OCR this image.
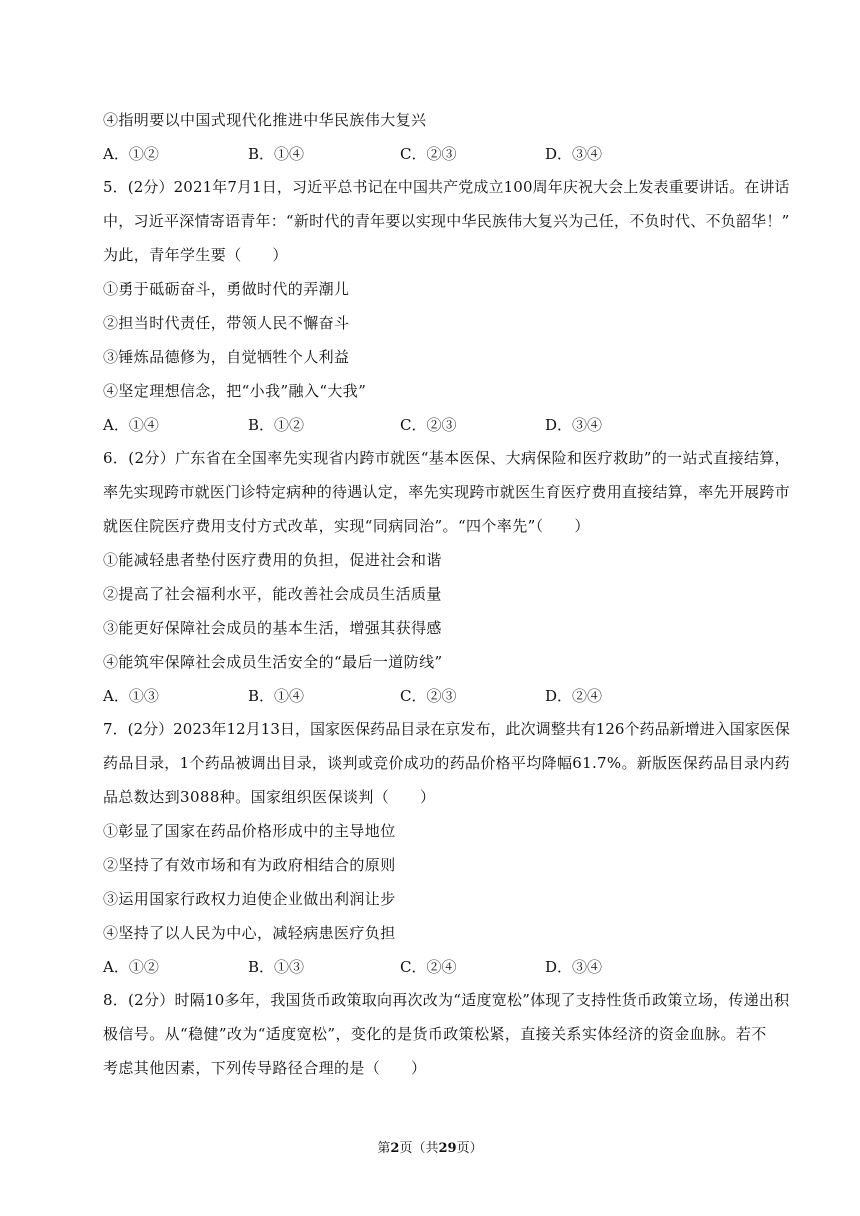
④指明要以中国式现代化推进中华民族伟大复兴
A．①②	B．①④	C．②③	D．③④
5．(2分）2021年7月1日，习近平总书记在中国共产党成立100周年庆祝大会上发表重要讲话。在讲话
中，习近平深情寄语青年：“新时代的青年要以实现中华民族伟大复兴为己任，不负时代、不负韶华！”
为此，青年学生要（　　）
①勇于砥砺奋斗，勇做时代的弄潮儿
②担当时代责任，带领人民不懈奋斗
③锤炼品德修为，自觉牺牲个人利益
④坚定理想信念，把“小我”融入“大我”
A．①④	B．①②	C．②③	D．③④
6．(2分）广东省在全国率先实现省内跨市就医“基本医保、大病保险和医疗救助”的一站式直接结算，
率先实现跨市就医门诊特定病种的待遇认定，率先实现跨市就医生育医疗费用直接结算，率先开展跨市
就医住院医疗费用支付方式改革，实现“同病同治”。“四个率先”（　　）
①能减轻患者垫付医疗费用的负担，促进社会和谐
②提高了社会福利水平，能改善社会成员生活质量
③能更好保障社会成员的基本生活，增强其获得感
④能筑牢保障社会成员生活安全的“最后一道防线”
A．①③	B．①④	C．②③	D．②④
7．(2分）2023年12月13日，国家医保药品目录在京发布，此次调整共有126个药品新增进入国家医保
药品目录，1个药品被调出目录，谈判或竞价成功的药品价格平均降幅61.7%。新版医保药品目录内药
品总数达到3088种。国家组织医保谈判（　　）
①彰显了国家在药品价格形成中的主导地位
②坚持了有效市场和有为政府相结合的原则
③运用国家行政权力迫使企业做出利润让步
④坚持了以人民为中心，减轻病患医疗负担
A．①②	B．①③	C．②④	D．③④
8．(2分）时隔10多年，我国货币政策取向再次改为“适度宽松”体现了支持性货币政策立场，传递出积
极信号。从“稳健”改为“适度宽松”，变化的是货币政策松紧，直接关系实体经济的资金血脉。若不
考虑其他因素，下列传导路径合理的是（　　）
第2页（共29页）
